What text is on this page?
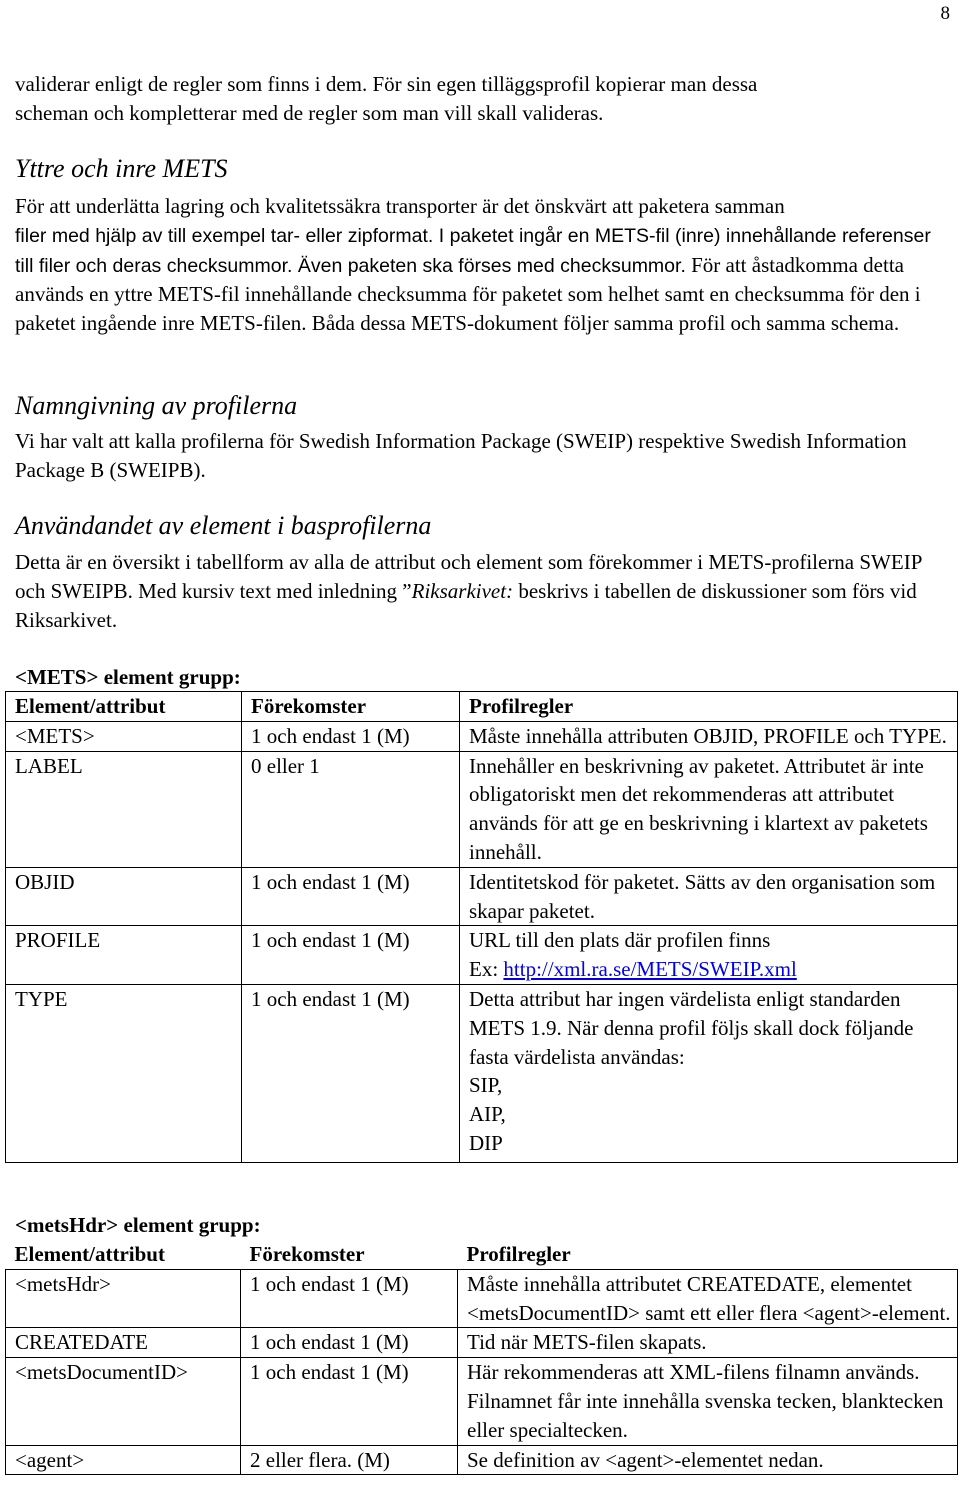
8

validerar enligt de regler som finns i dem. För sin egen tilläggsprofil kopierar man dessa
scheman och kompletterar med de regler som man vill skall valideras.

Yttre och inre METS

För att underlätta lagring och kvalitetssäkra transporter är det önskvärt att paketera samman
filer med hjälp av till exempel tar- eller zipformat. I paketet ingår en METS-fil (inre) innehållande referenser till filer och deras checksummor. Även paketen ska förses med checksummor. För att åstadkomma detta används en yttre METS-fil innehållande checksumma för paketet som helhet samt en checksumma för den i paketet ingående inre METS-filen. Båda dessa METS-dokument följer samma profil och samma schema.

Namngivning av profilerna

Vi har valt att kalla profilerna för Swedish Information Package (SWEIP) respektive Swedish Information Package B (SWEIPB).

Användandet av element i basprofilerna

Detta är en översikt i tabellform av alla de attribut och element som förekommer i METS-profilerna SWEIP och SWEIPB. Med kursiv text med inledning ”Riksarkivet: beskrivs i tabellen de diskussioner som förs vid Riksarkivet.

<METS> element grupp:
Element/attribut	Förekomster	Profilregler
<METS>	1 och endast 1 (M)	Måste innehålla attributen OBJID, PROFILE och TYPE.
LABEL	0 eller 1	Innehåller en beskrivning av paketet. Attributet är inte obligatoriskt men det rekommenderas att attributet används för att ge en beskrivning i klartext av paketets innehåll.
OBJID	1 och endast 1 (M)	Identitetskod för paketet. Sätts av den organisation som skapar paketet.
PROFILE	1 och endast 1 (M)	URL till den plats där profilen finns
Ex: http://xml.ra.se/METS/SWEIP.xml
TYPE	1 och endast 1 (M)	Detta attribut har ingen värdelista enligt standarden METS 1.9. När denna profil följs skall dock följande fasta värdelista användas:
SIP,
AIP,
DIP
<metsHdr> element grupp:
Element/attribut	Förekomster	Profilregler
<metsHdr>	1 och endast 1 (M)	Måste innehålla attributet CREATEDATE, elementet <metsDocumentID> samt ett eller flera <agent>-element.
CREATEDATE	1 och endast 1 (M)	Tid när METS-filen skapats.
<metsDocumentID>	1 och endast 1 (M)	Här rekommenderas att XML-filens filnamn används. Filnamnet får inte innehålla svenska tecken, blanktecken eller specialtecken.
<agent>	2 eller flera. (M)	Se definition av <agent>-elementet nedan.
